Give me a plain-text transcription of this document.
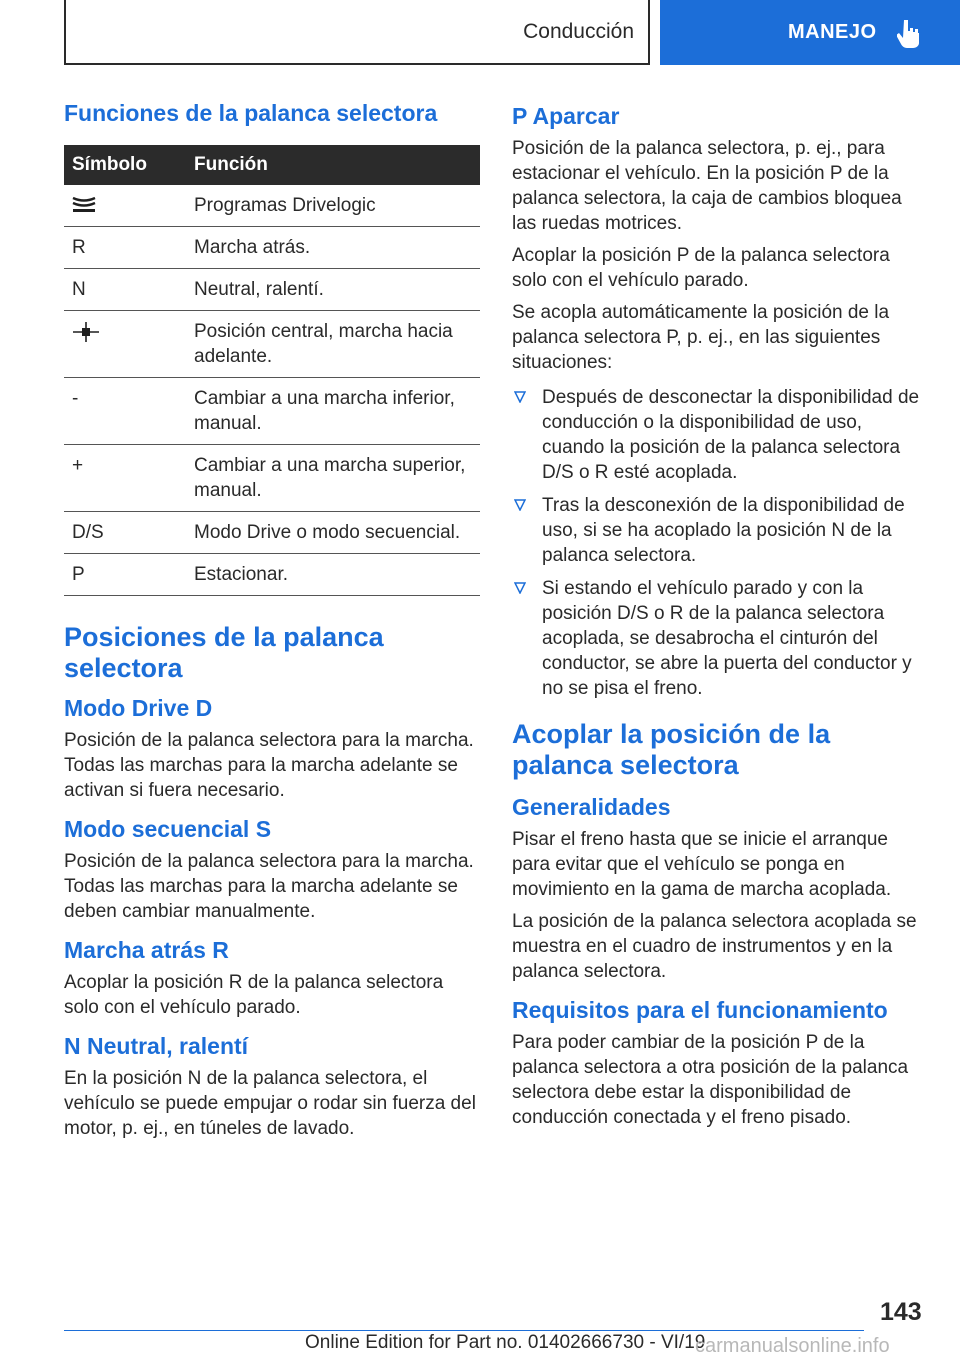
Conducción	MANEJO
Funciones de la palanca selectora
Símbolo	Función

	Programas Drivelogic
R	Marcha atrás.
N	Neutral, ralentí.

	Posición central, marcha hacia adelante.
-	Cambiar a una marcha inferior, manual.
+	Cambiar a una marcha superior, manual.
D/S	Modo Drive o modo secuencial.
P	Estacionar.
Posiciones de la palanca selectora
Modo Drive D

Posición de la palanca selectora para la marcha. Todas las marchas para la marcha adelante se activan si fuera necesario.

Modo secuencial S

Posición de la palanca selectora para la marcha. Todas las marchas para la marcha adelante se deben cambiar manualmente.

Marcha atrás R

Acoplar la posición R de la palanca selectora solo con el vehículo parado.

N Neutral, ralentí

En la posición N de la palanca selectora, el vehículo se puede empujar o rodar sin fuerza del motor, p. ej., en túneles de lavado.

P Aparcar

Posición de la palanca selectora, p. ej., para estacionar el vehículo. En la posición P de la palanca selectora, la caja de cambios bloquea las ruedas motrices.

Acoplar la posición P de la palanca selectora solo con el vehículo parado.

Se acopla automáticamente la posición de la palanca selectora P, p. ej., en las siguientes situaciones:

Después de desconectar la disponibilidad de conducción o la disponibilidad de uso, cuando la posición de la palanca selectora D/S o R esté acoplada.
Tras la desconexión de la disponibilidad de uso, si se ha acoplado la posición N de la palanca selectora.
Si estando el vehículo parado y con la posición D/S o R de la palanca selectora acoplada, se desabrocha el cinturón del conductor, se abre la puerta del conductor y no se pisa el freno.
Acoplar la posición de la palanca selectora
Generalidades

Pisar el freno hasta que se inicie el arranque para evitar que el vehículo se ponga en movimiento en la gama de marcha acoplada.

La posición de la palanca selectora acoplada se muestra en el cuadro de instrumentos y en la palanca selectora.

Requisitos para el funcionamiento

Para poder cambiar de la posición P de la palanca selectora a otra posición de la palanca selectora debe estar la disponibilidad de conducción conectada y el freno pisado.

143
Online Edition for Part no. 01402666730 - VI/19
carmanualsonline.info
